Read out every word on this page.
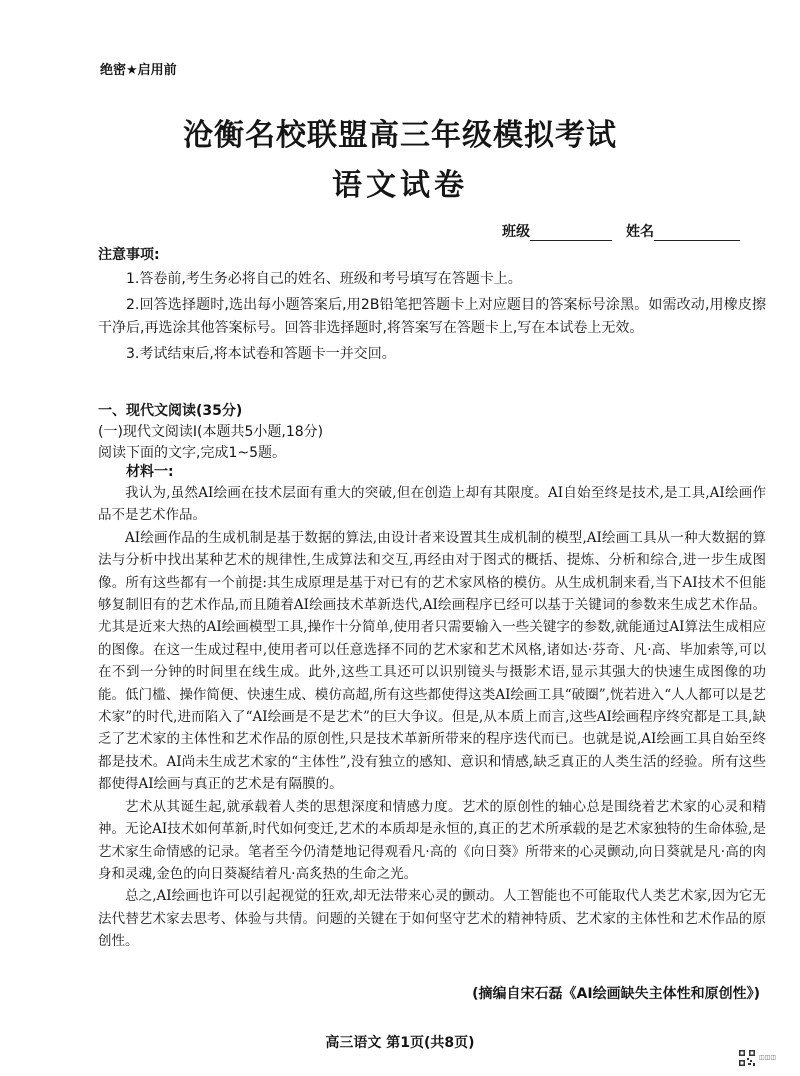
绝密★启用前
沧衡名校联盟高三年级模拟考试
语文试卷
班级	姓名
注意事项:

1.答卷前,考生务必将自己的姓名、班级和考号填写在答题卡上。

2.回答选择题时,选出每小题答案后,用2B铅笔把答题卡上对应题目的答案标号涂黑。如需改动,用橡皮擦干净后,再选涂其他答案标号。回答非选择题时,将答案写在答题卡上,写在本试卷上无效。

3.考试结束后,将本试卷和答题卡一并交回。

一、现代文阅读(35分)
(一)现代文阅读Ⅰ(本题共5小题,18分)
阅读下面的文字,完成1~5题。
材料一:

我认为,虽然AI绘画在技术层面有重大的突破,但在创造上却有其限度。AI自始至终是技术,是工具,AI绘画作品不是艺术作品。

AI绘画作品的生成机制是基于数据的算法,由设计者来设置其生成机制的模型,AI绘画工具从一种大数据的算法与分析中找出某种艺术的规律性,生成算法和交互,再经由对于图式的概括、提炼、分析和综合,进一步生成图像。所有这些都有一个前提:其生成原理是基于对已有的艺术家风格的模仿。从生成机制来看,当下AI技术不但能够复制旧有的艺术作品,而且随着AI绘画技术革新迭代,AI绘画程序已经可以基于关键词的参数来生成艺术作品。尤其是近来大热的AI绘画模型工具,操作十分简单,使用者只需要输入一些关键字的参数,就能通过AI算法生成相应的图像。在这一生成过程中,使用者可以任意选择不同的艺术家和艺术风格,诸如达·芬奇、凡·高、毕加索等,可以在不到一分钟的时间里在线生成。此外,这些工具还可以识别镜头与摄影术语,显示其强大的快速生成图像的功能。低门槛、操作简便、快速生成、模仿高超,所有这些都使得这类AI绘画工具“破圈”,恍若进入“人人都可以是艺术家”的时代,进而陷入了“AI绘画是不是艺术”的巨大争议。但是,从本质上而言,这些AI绘画程序终究都是工具,缺乏了艺术家的主体性和艺术作品的原创性,只是技术革新所带来的程序迭代而已。也就是说,AI绘画工具自始至终都是技术。AI尚未生成艺术家的“主体性”,没有独立的感知、意识和情感,缺乏真正的人类生活的经验。所有这些都使得AI绘画与真正的艺术是有隔膜的。

艺术从其诞生起,就承载着人类的思想深度和情感力度。艺术的原创性的轴心总是围绕着艺术家的心灵和精神。无论AI技术如何革新,时代如何变迁,艺术的本质却是永恒的,真正的艺术所承载的是艺术家独特的生命体验,是艺术家生命情感的记录。笔者至今仍清楚地记得观看凡·高的《向日葵》所带来的心灵颤动,向日葵就是凡·高的肉身和灵魂,金色的向日葵凝结着凡·高炙热的生命之光。

总之,AI绘画也许可以引起视觉的狂欢,却无法带来心灵的颤动。人工智能也不可能取代人类艺术家,因为它无法代替艺术家去思考、体验与共情。问题的关键在于如何坚守艺术的精神特质、艺术家的主体性和艺术作品的原创性。

(摘编自宋石磊《AI绘画缺失主体性和原创性》)
高三语文 第1页(共8页)
◫◫◫
